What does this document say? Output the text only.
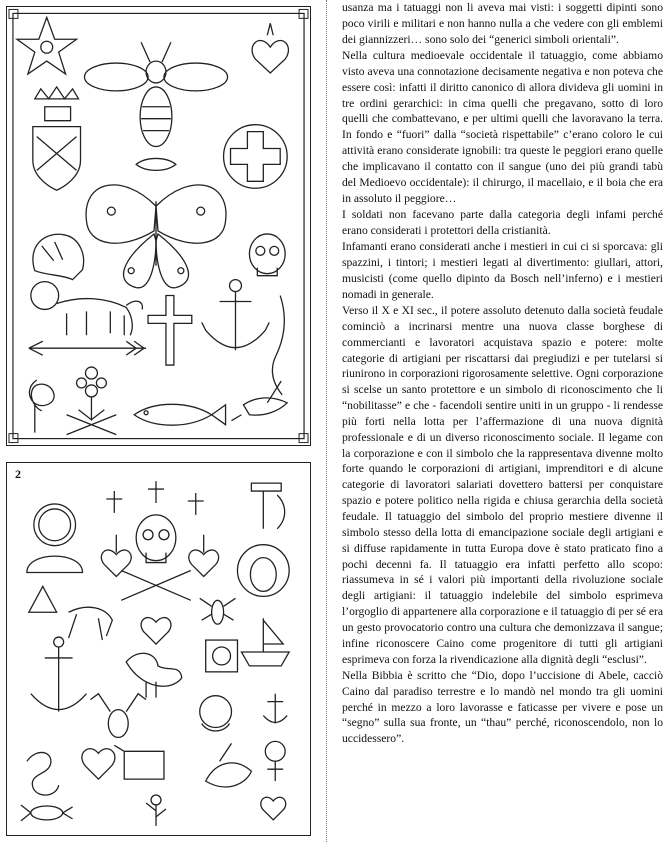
2

usanza ma i tatuaggi non li aveva mai visti: i soggetti dipinti sono poco virili e militari e non hanno nulla a che vedere con gli emblemi dei giannizzeri… sono solo dei “generici simboli orientali”.

Nella cultura medioevale occidentale il tatuaggio, come abbiamo visto aveva una connotazione decisamente negativa e non poteva che essere così: infatti il diritto canonico di allora divideva gli uomini in tre ordini gerarchici: in cima quelli che pregavano, sotto di loro quelli che combattevano, e per ultimi quelli che lavoravano la terra. In fondo e “fuori” dalla “società rispettabile” c’erano coloro le cui attività erano considerate ignobili: tra queste le peggiori erano quelle che implicavano il contatto con il sangue (uno dei più grandi tabù del Medioevo occidentale): il chirurgo, il macellaio, e il boia che era in assoluto il peggiore…

I soldati non facevano parte dalla categoria degli infami perché erano considerati i protettori della cristianità.

Infamanti erano considerati anche i mestieri in cui ci si sporcava: gli spazzini, i tintori; i mestieri legati al divertimento: giullari, attori, musicisti (come quello dipinto da Bosch nell’inferno) e i mestieri nomadi in generale.

Verso il X e XI sec., il potere assoluto detenuto dalla società feudale cominciò a incrinarsi mentre una nuova classe borghese di commercianti e lavoratori acquistava spazio e potere: molte categorie di artigiani per riscattarsi dai pregiudizi e per tutelarsi si riunirono in corporazioni rigorosamente selettive. Ogni corporazione si scelse un santo protettore e un simbolo di riconoscimento che li “nobilitasse” e che - facendoli sentire uniti in un gruppo - li rendesse più forti nella lotta per l’affermazione di una nuova dignità professionale e di un diverso riconoscimento sociale. Il legame con la corporazione e con il simbolo che la rappresentava divenne molto forte quando le corporazioni di artigiani, imprenditori e di alcune categorie di lavoratori salariati dovettero battersi per conquistare spazio e potere politico nella rigida e chiusa gerarchia della società feudale. Il tatuaggio del simbolo del proprio mestiere divenne il simbolo stesso della lotta di emancipazione sociale degli artigiani e si diffuse rapidamente in tutta Europa dove è stato praticato fino a pochi decenni fa. Il tatuaggio era infatti perfetto allo scopo: riassumeva in sé i valori più importanti della rivoluzione sociale degli artigiani: il tatuaggio indelebile del simbolo esprimeva l’orgoglio di appartenere alla corporazione e il tatuaggio di per sé era un gesto provocatorio contro una cultura che demonizzava il sangue; infine riconoscere Caino come progenitore di tutti gli artigiani esprimeva con forza la rivendicazione alla dignità degli “esclusi”.

Nella Bibbia è scritto che “Dio, dopo l’uccisione di Abele, cacciò Caino dal paradiso terrestre e lo mandò nel mondo tra gli uomini perché in mezzo a loro lavorasse e faticasse per vivere e pose un “segno” sulla sua fronte, un “thau” perché, riconoscendolo, non lo uccidessero”.
